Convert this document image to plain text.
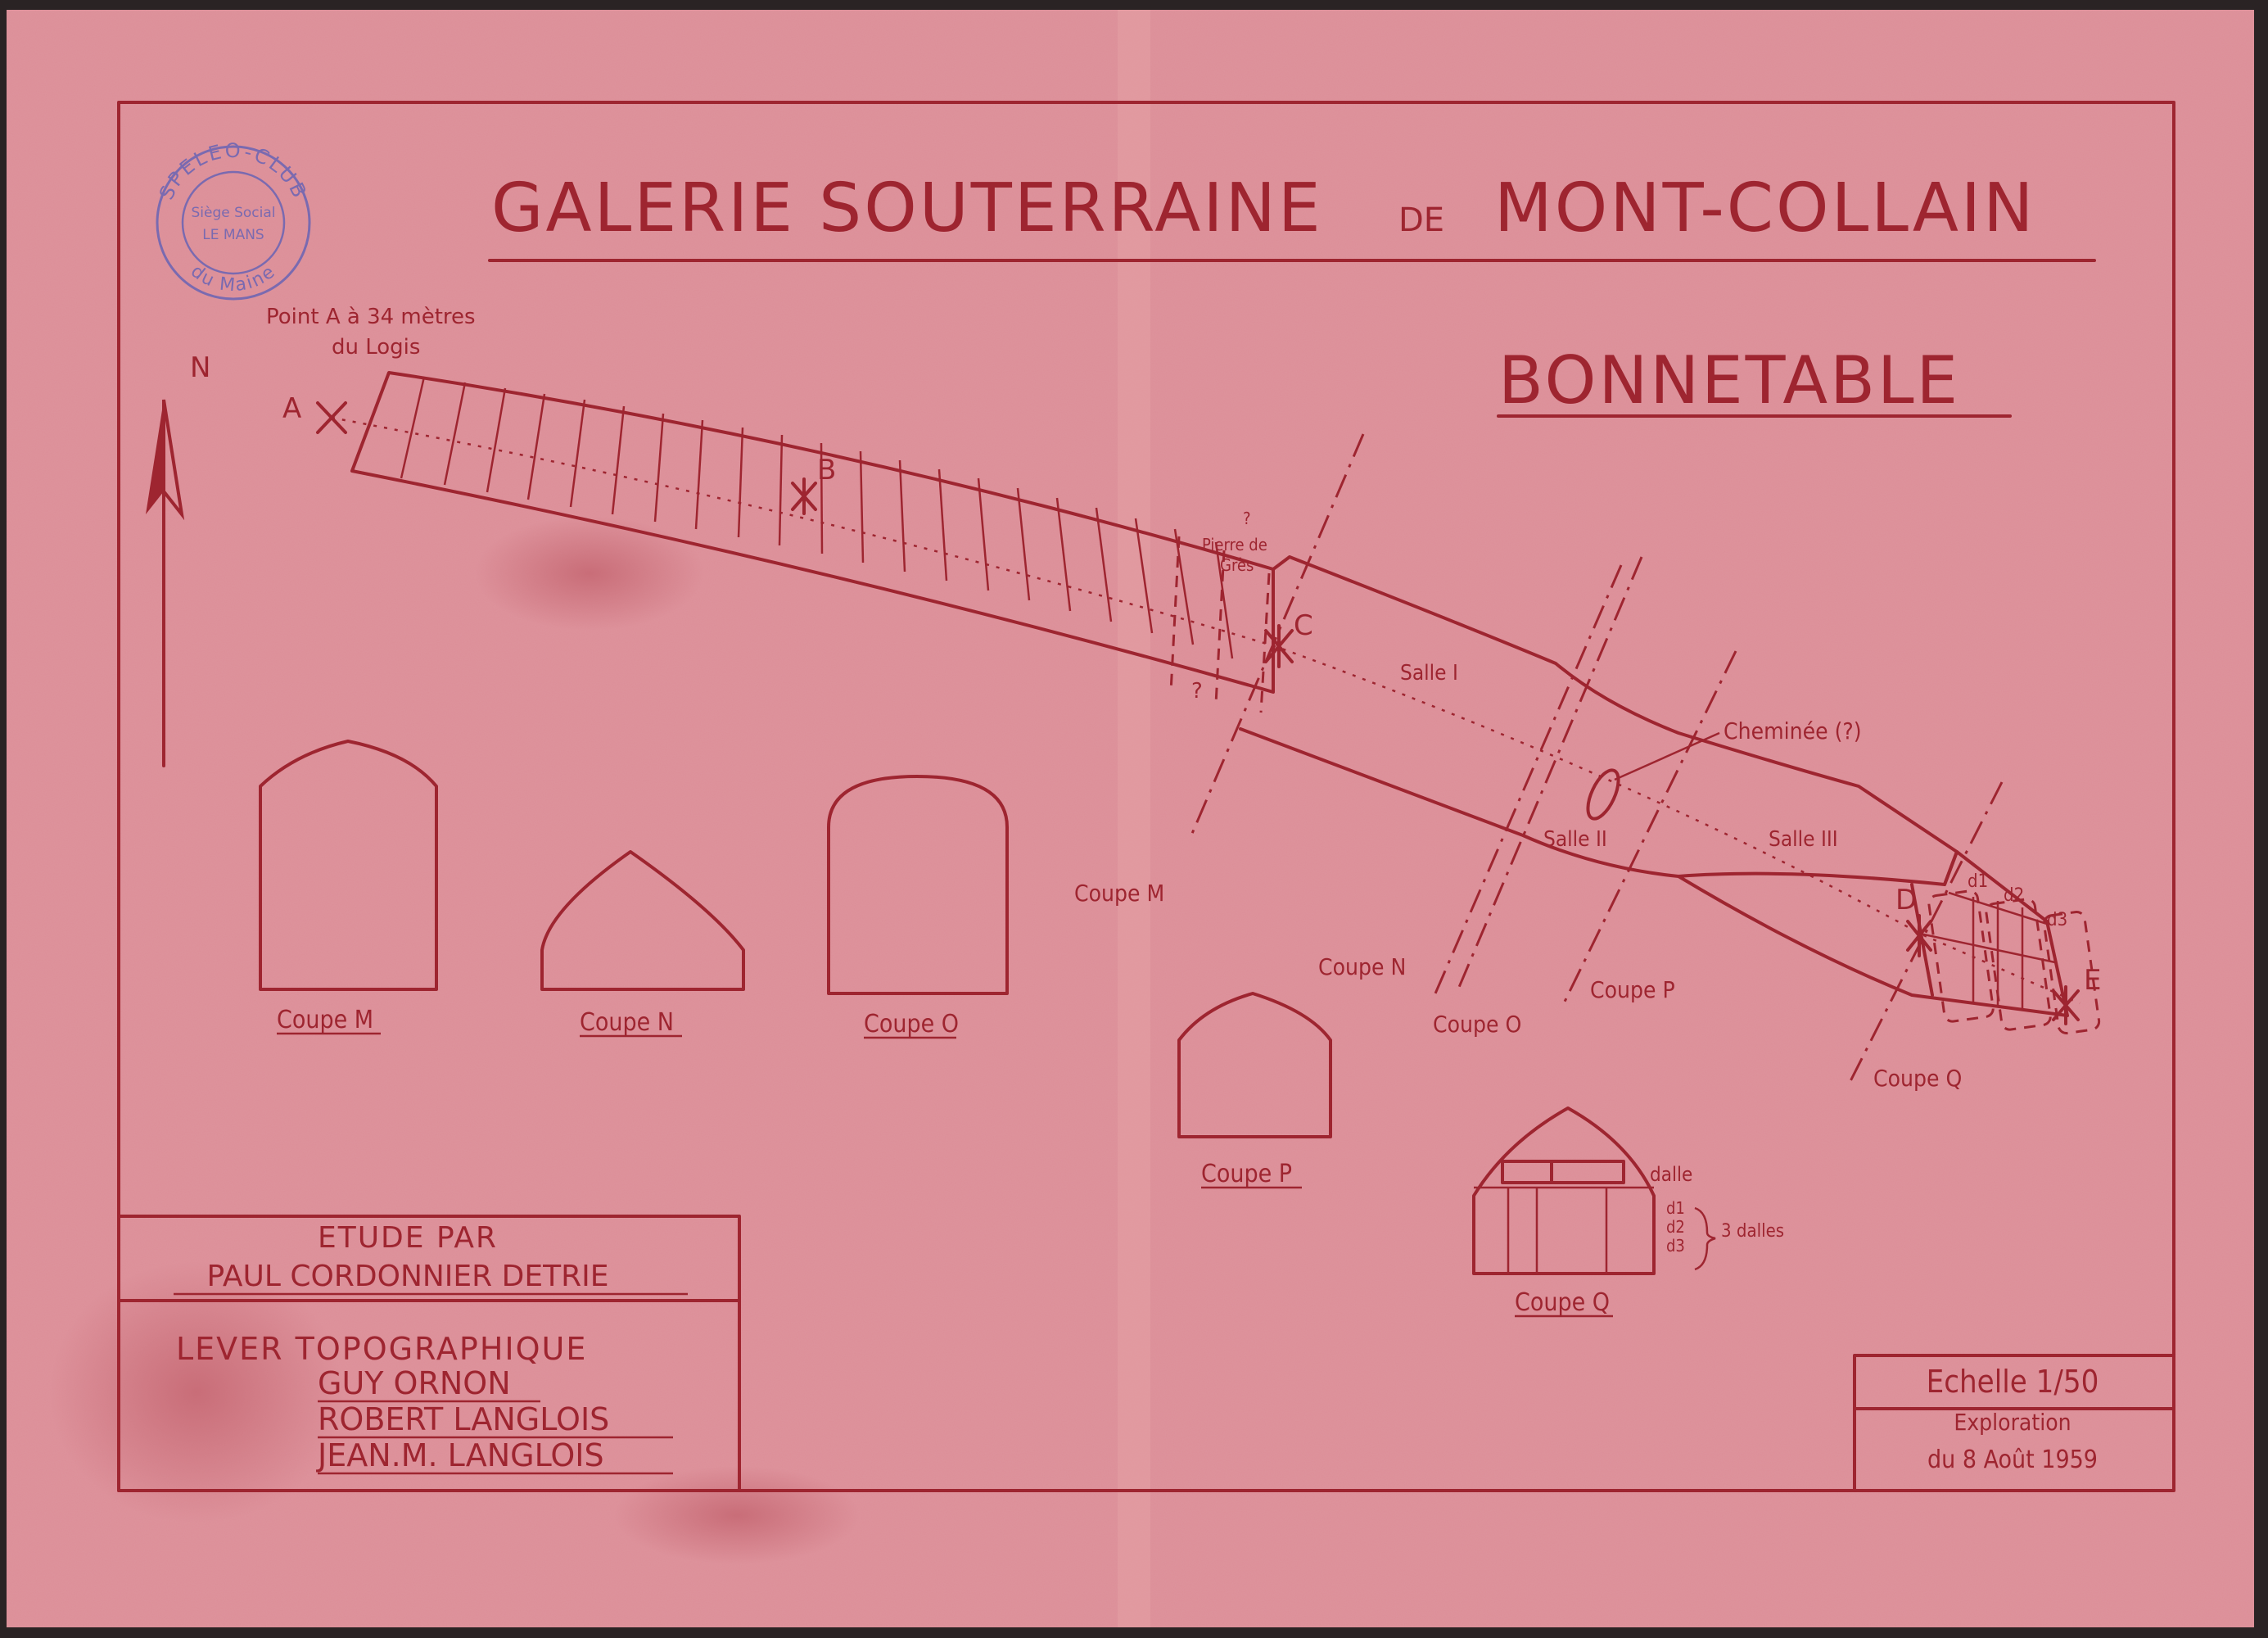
SPELEO-CLUB
du Maine
Siège Social
LE MANS	GALERIE SOUTERRAINE DE MONT-COLLAIN
BONNETABLE
N
Point A à 34 mètres
du Logis
A
B
C
D
E
?
Pierre de
Grès
?
Salle I
Salle II	Salle III
Cheminée (?)
d1
d2
d3
Coupe M
Coupe N
Coupe O
Coupe P
Coupe Q
Coupe M	Coupe N	Coupe O
Coupe P	dalle
d1
d2
d3
3 dalles
Coupe Q
ETUDE PAR
PAUL CORDONNIER DETRIE
LEVER TOPOGRAPHIQUE
GUY ORNON
ROBERT LANGLOIS
JEAN.M. LANGLOIS
Echelle 1/50
Exploration
du 8 Août 1959
